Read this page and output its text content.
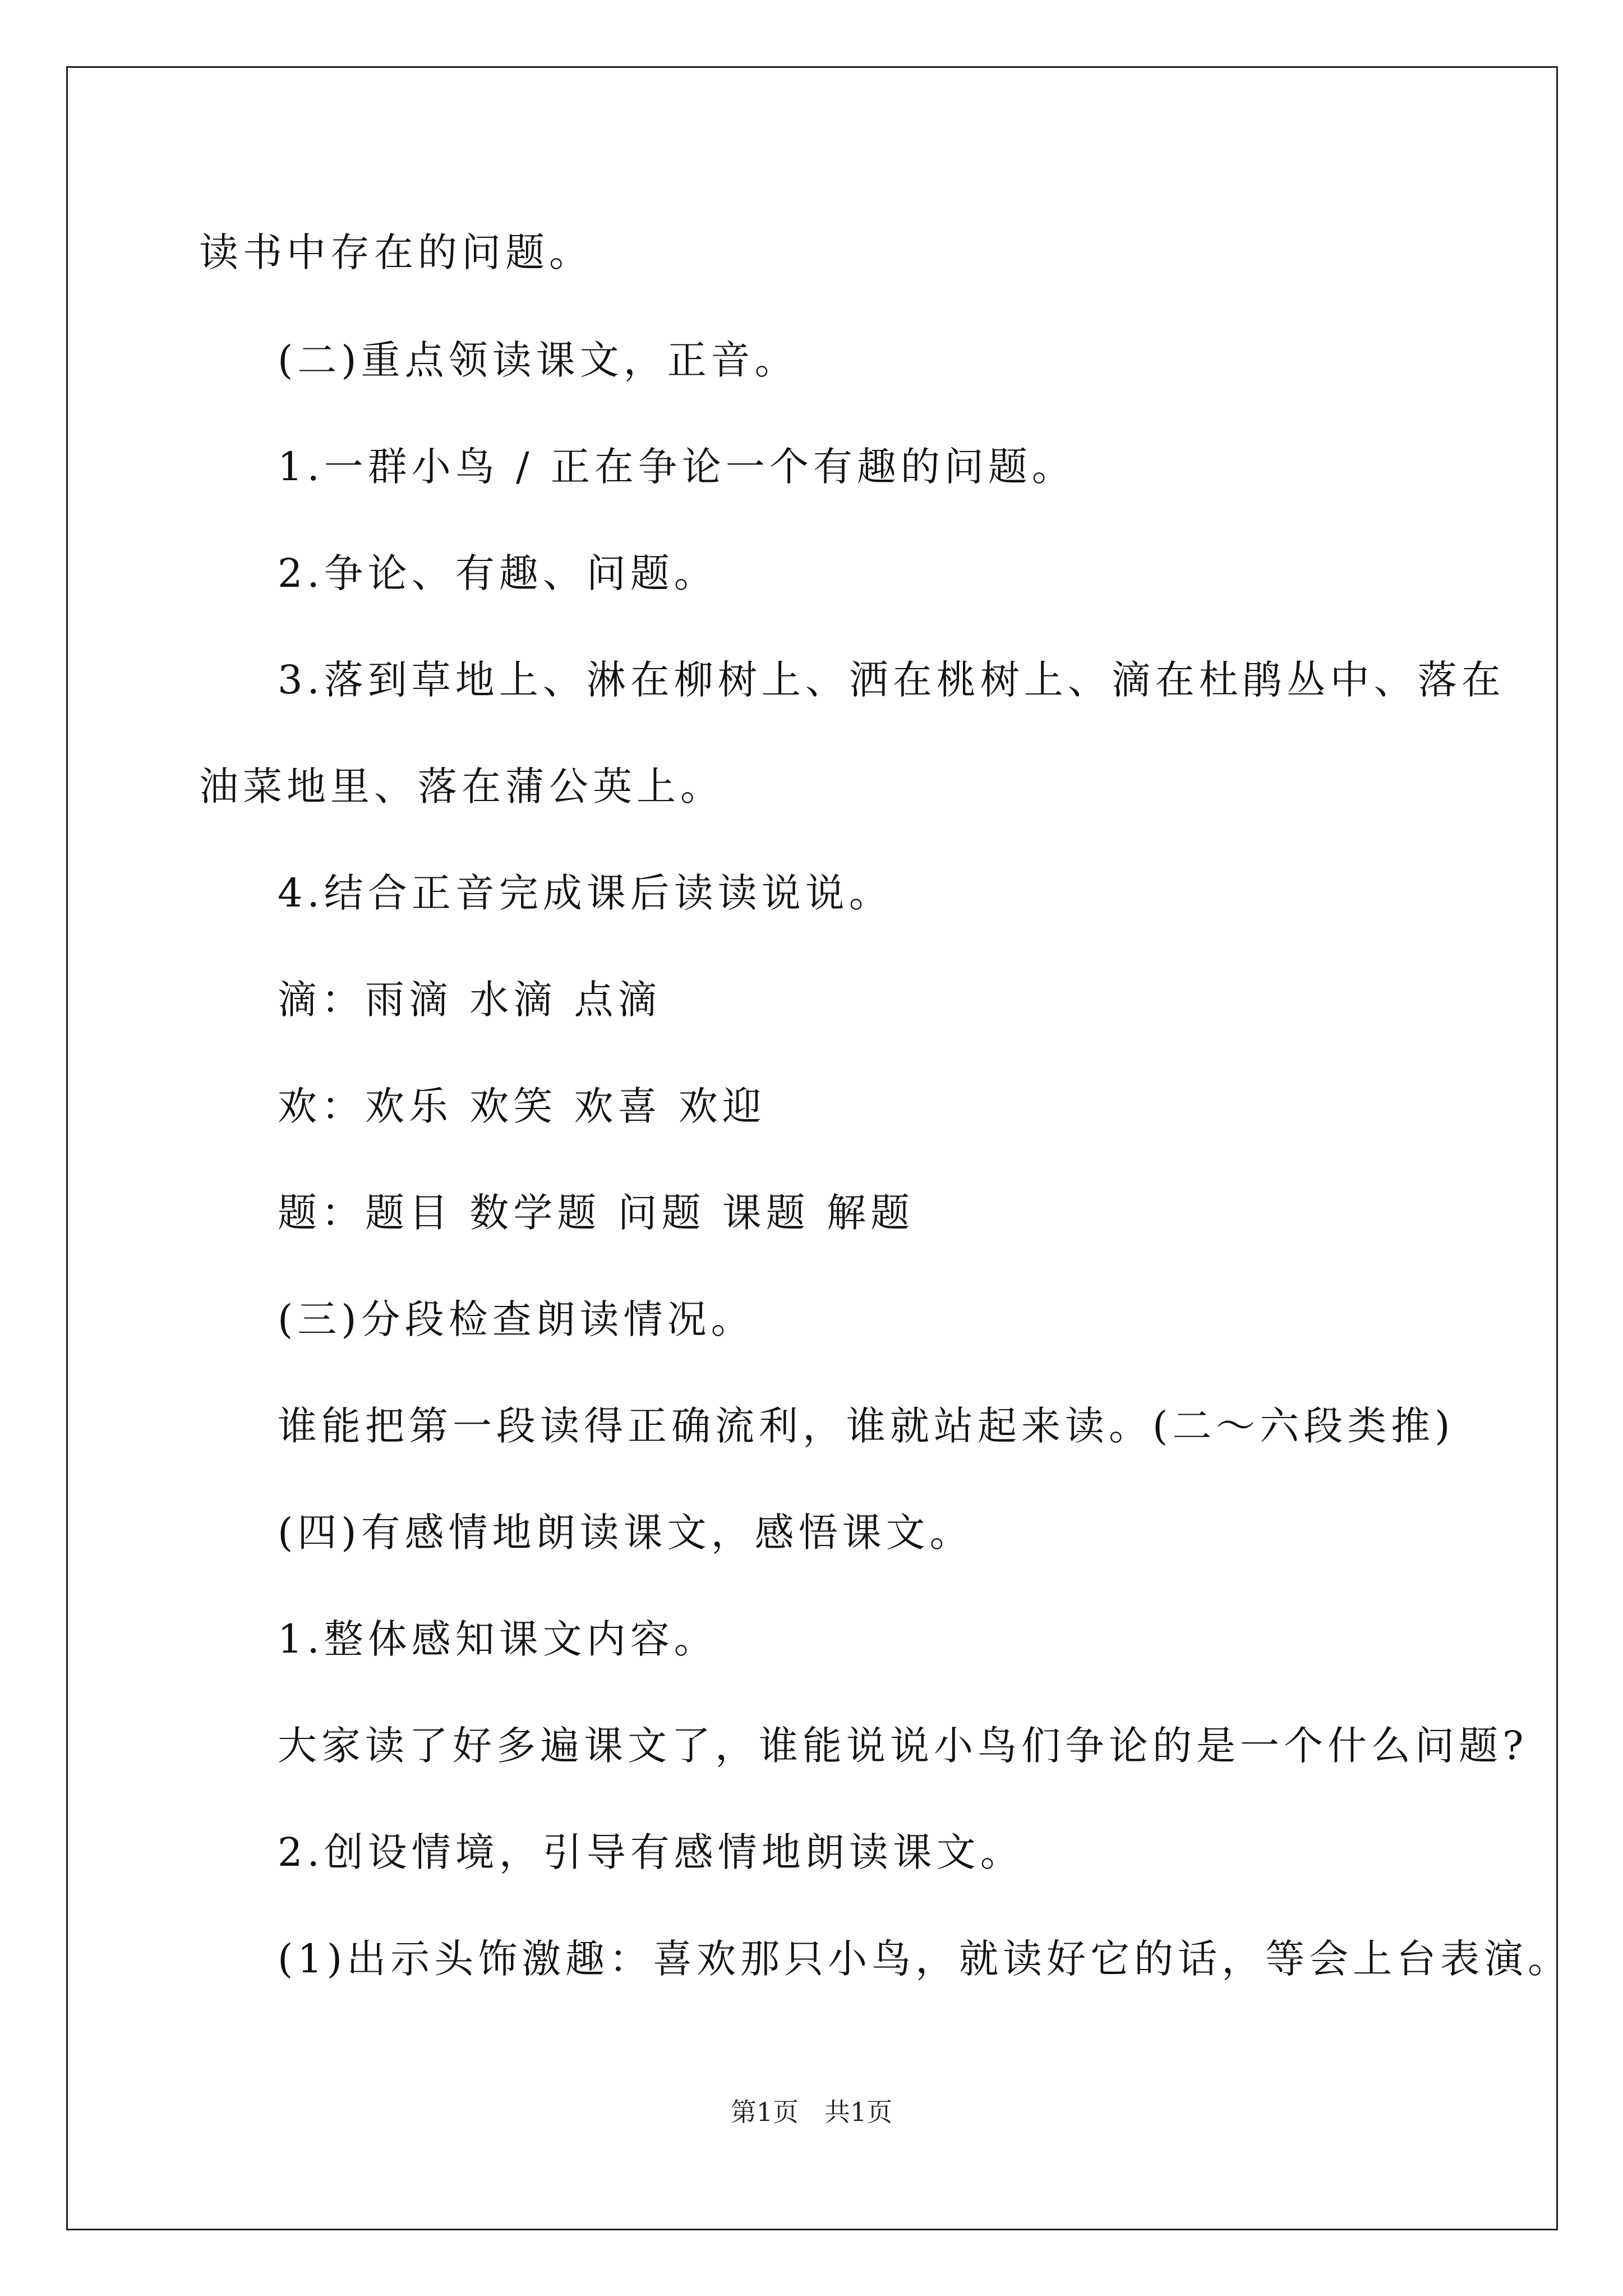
读书中存在的问题。
(二)重点领读课文，正音。
1.一群小鸟 / 正在争论一个有趣的问题。
2.争论、有趣、问题。
3.落到草地上、淋在柳树上、洒在桃树上、滴在杜鹃丛中、落在
油菜地里、落在蒲公英上。
4.结合正音完成课后读读说说。
滴：雨滴 水滴 点滴
欢：欢乐 欢笑 欢喜 欢迎
题：题目 数学题 问题 课题 解题
(三)分段检查朗读情况。
谁能把第一段读得正确流利，谁就站起来读。(二～六段类推)
(四)有感情地朗读课文，感悟课文。
1.整体感知课文内容。
大家读了好多遍课文了，谁能说说小鸟们争论的是一个什么问题?
2.创设情境，引导有感情地朗读课文。
(1)出示头饰激趣：喜欢那只小鸟，就读好它的话，等会上台表演。
第1页　共1页
